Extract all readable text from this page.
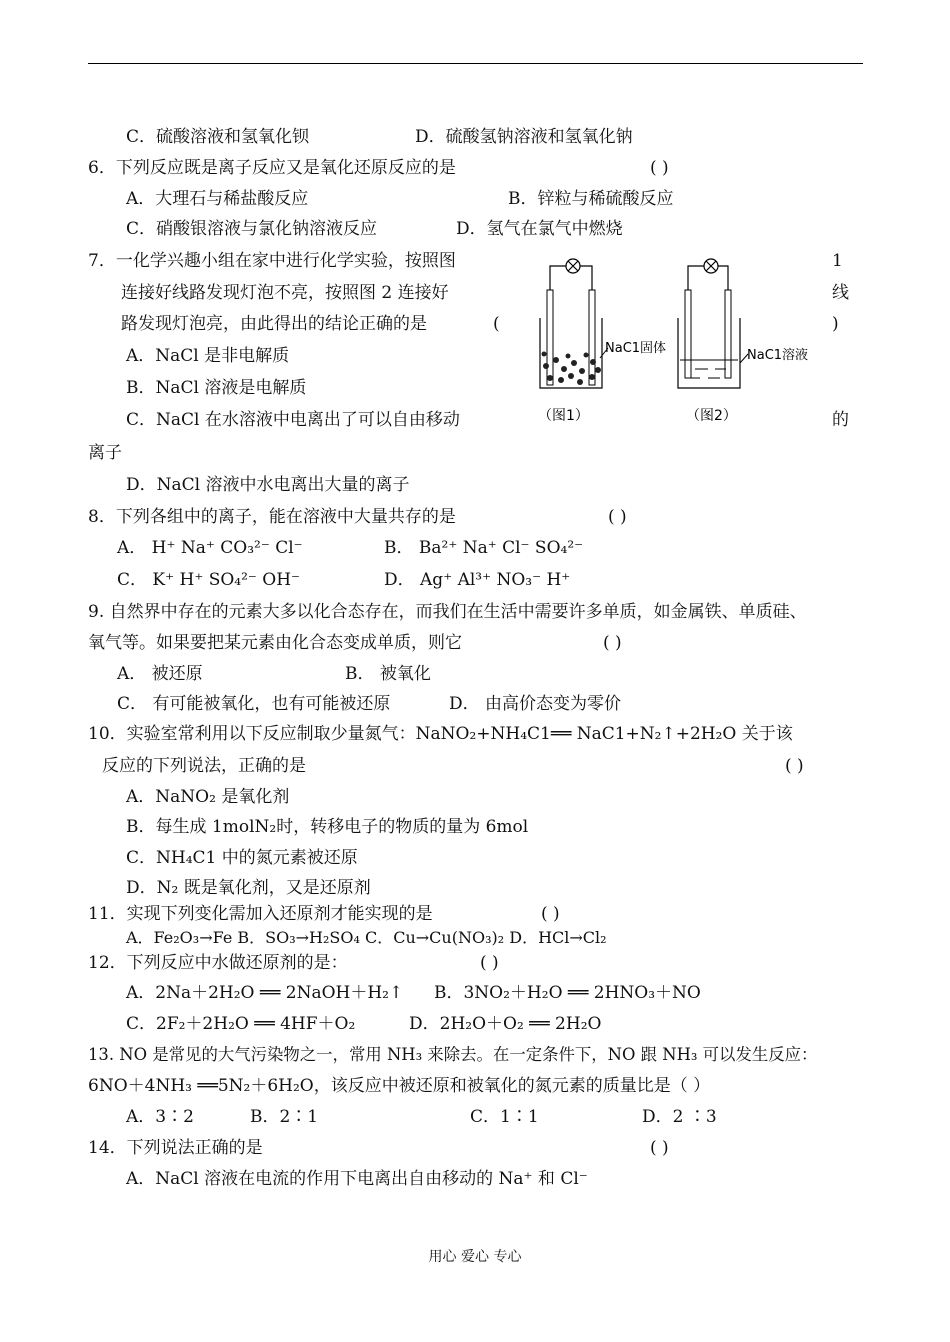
C．硫酸溶液和氢氧化钡	D．硫酸氢钠溶液和氢氧化钠
6．下列反应既是离子反应又是氧化还原反应的是	( )
A．大理石与稀盐酸反应	B．锌粒与稀硫酸反应
C．硝酸银溶液与氯化钠溶液反应	D．氢气在氯气中燃烧
7．一化学兴趣小组在家中进行化学实验，按照图	1
连接好线路发现灯泡不亮，按照图 2 连接好	线
路发现灯泡亮，由此得出的结论正确的是	(	)
A．NaCl 是非电解质
B．NaCl 溶液是电解质
C．NaCl 在水溶液中电离出了可以自由移动	的
离子
D．NaCl 溶液中水电离出大量的离子
8．下列各组中的离子，能在溶液中大量共存的是	( )
A． H⁺ Na⁺ CO₃²⁻ Cl⁻	B． Ba²⁺ Na⁺ Cl⁻ SO₄²⁻
C． K⁺ H⁺ SO₄²⁻ OH⁻	D． Ag⁺ Al³⁺ NO₃⁻ H⁺
9. 自然界中存在的元素大多以化合态存在，而我们在生活中需要许多单质，如金属铁、单质硅、
氧气等。如果要把某元素由化合态变成单质，则它	( )
A． 被还原	B． 被氧化
C． 有可能被氧化，也有可能被还原	D． 由高价态变为零价
10．实验室常利用以下反应制取少量氮气：NaNO₂+NH₄C1══ NaC1+N₂↑+2H₂O 关于该
反应的下列说法，正确的是	( )
A．NaNO₂ 是氧化剂
B．每生成 1molN₂时，转移电子的物质的量为 6mol
C．NH₄C1 中的氮元素被还原
D．N₂ 既是氧化剂，又是还原剂
11．实现下列变化需加入还原剂才能实现的是	( )
A．Fe₂O₃→Fe B．SO₃→H₂SO₄ C．Cu→Cu(NO₃)₂ D．HCl→Cl₂
12．下列反应中水做还原剂的是：	( )
A．2Na＋2H₂O ══ 2NaOH＋H₂↑ B．3NO₂＋H₂O ══ 2HNO₃＋NO
C．2F₂＋2H₂O ══ 4HF＋O₂	D．2H₂O＋O₂ ══ 2H₂O
13. NO 是常见的大气污染物之一，常用 NH₃ 来除去。在一定条件下，NO 跟 NH₃ 可以发生反应：
6NO＋4NH₃ ══5N₂＋6H₂O，该反应中被还原和被氧化的氮元素的质量比是（ ）
A．3∶2	B．2∶1	C．1∶1	D．2 ∶3
14．下列说法正确的是	( )
A．NaCl 溶液在电流的作用下电离出自由移动的 Na⁺ 和 Cl⁻
NaC1固体
（图1）
NaC1溶液
（图2）
用心 爱心 专心
